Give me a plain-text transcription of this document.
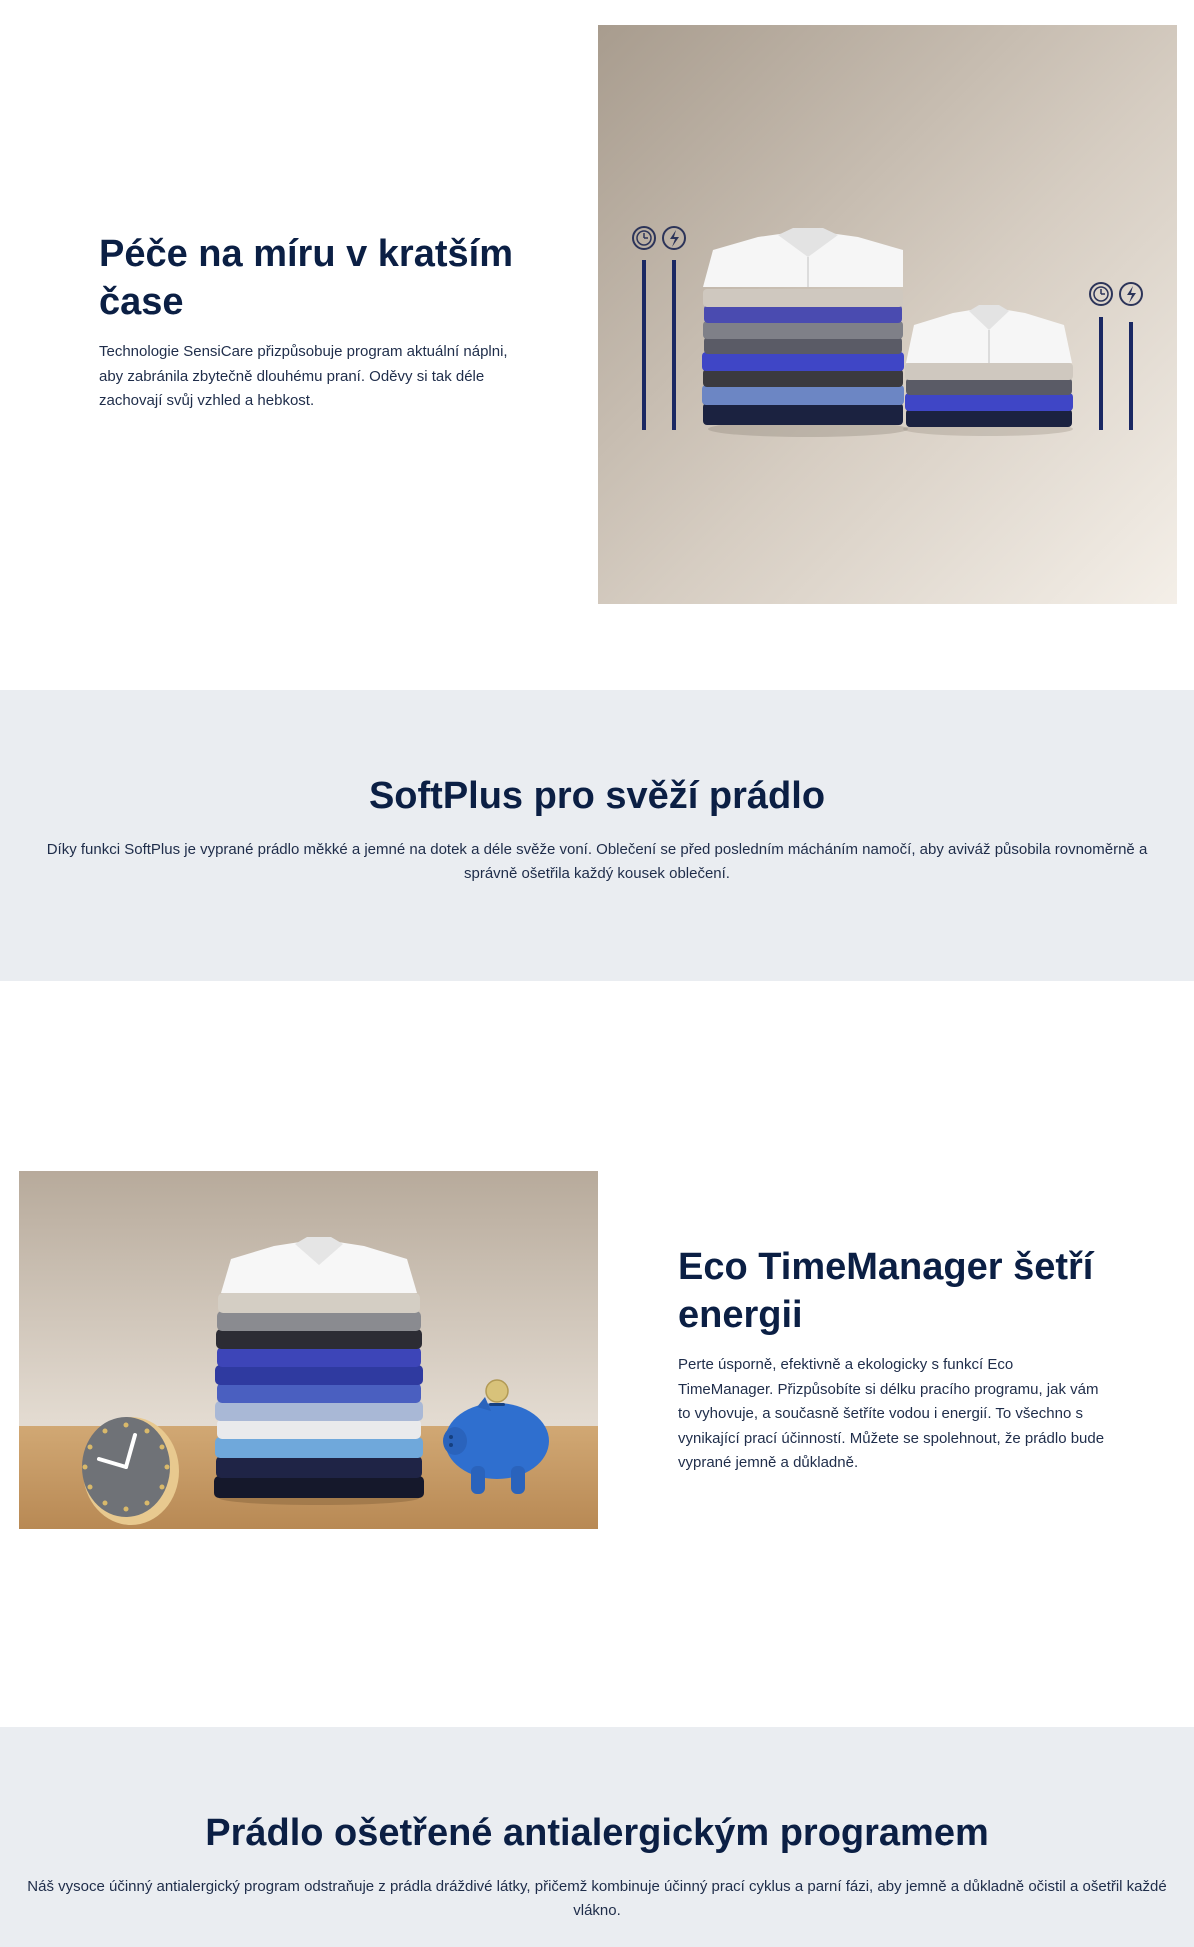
Péče na míru v kratším čase

Technologie SensiCare přizpůsobuje program aktuální náplni, aby zabránila zbytečně dlouhému praní. Oděvy si tak déle zachovají svůj vzhled a hebkost.

SoftPlus pro svěží prádlo

Díky funkci SoftPlus je vyprané prádlo měkké a jemné na dotek a déle svěže voní. Oblečení se před posledním mácháním namočí, aby aviváž působila rovnoměrně a správně ošetřila každý kousek oblečení.

Eco TimeManager šetří energii

Perte úsporně, efektivně a ekologicky s funkcí Eco TimeManager. Přizpůsobíte si délku pracího programu, jak vám to vyhovuje, a současně šetříte vodou i energií. To všechno s vynikající prací účinností. Můžete se spolehnout, že prádlo bude vyprané jemně a důkladně.

Prádlo ošetřené antialergickým programem

Náš vysoce účinný antialergický program odstraňuje z prádla dráždivé látky, přičemž kombinuje účinný prací cyklus a parní fázi, aby jemně a důkladně očistil a ošetřil každé vlákno.
